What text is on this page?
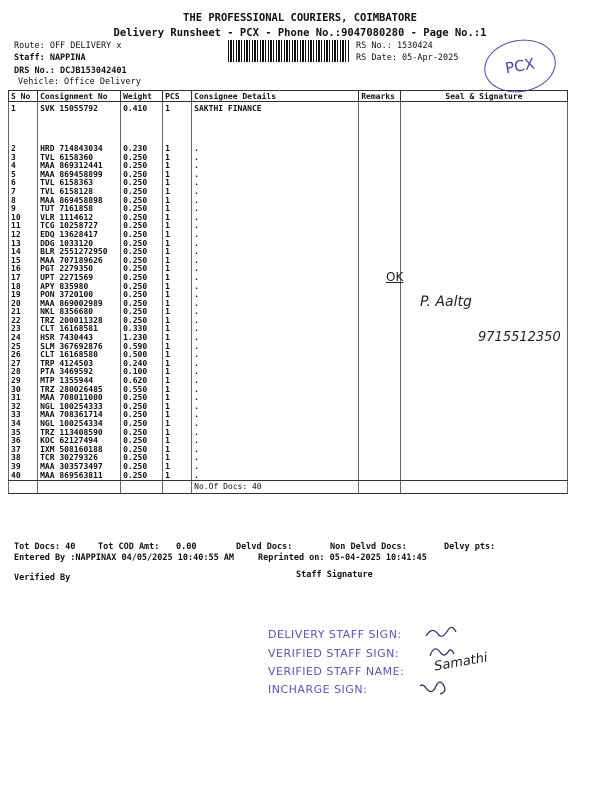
THE PROFESSIONAL COURIERS, COIMBATORE
Delivery Runsheet - PCX - Phone No.:9047080280 - Page No.:1
Route: OFF DELIVERY x
Staff: NAPPINA
DRS No.: DCJB153042401
Vehicle: Office Delivery
RS No.: 1530424
RS Date: 05-Apr-2025	PCX
S No	Consignment No	Weight	PCS	Consignee Details	Remarks	Seal & Signature
1	SVK 15055792	0.410	1	SAKTHI FINANCE		
2	HRD 714843034	0.230	1	.		
3	TVL 6158360	0.250	1	.		
4	MAA 869312441	0.250	1	.		
5	MAA 869458899	0.250	1	.		
6	TVL 6158363	0.250	1	.		
7	TVL 6158128	0.250	1	.		
8	MAA 869458898	0.250	1	.		
9	TUT 7161858	0.250	1	.		
10	VLR 1114612	0.250	1	.		
11	TCG 10258727	0.250	1	.		
12	EDQ 13628417	0.250	1	.		
13	DDG 1033120	0.250	1	.		
14	BLR 2551272950	0.250	1	.		
15	MAA 707189626	0.250	1	.		
16	PGT 2279350	0.250	1	.		
17	UPT 2271569	0.250	1	.		
18	APY 835980	0.250	1	.		
19	PON 3720100	0.250	1	.		
20	MAA 869002989	0.250	1	.		
21	NKL 8356680	0.250	1	.		
22	TRZ 200011328	0.250	1	.		
23	CLT 16168581	0.330	1	.		
24	HSR 7430443	1.230	1	.		
25	SLM 367692876	0.590	1	.		
26	CLT 16168580	0.500	1	.		
27	TRP 4124503	0.240	1	.		
28	PTA 3469592	0.100	1	.		
29	MTP 1355944	0.620	1	.		
30	TRZ 280026485	0.550	1	.		
31	MAA 708011000	0.250	1	.		
32	NGL 100254333	0.250	1	.		
33	MAA 708361714	0.250	1	.		
34	NGL 100254334	0.250	1	.		
35	TRZ 113408590	0.250	1	.		
36	KOC 62127494	0.250	1	.		
37	IXM 508160188	0.250	1	.		
38	TCR 30279326	0.250	1	.		
39	MAA 303573497	0.250	1	.		
40	MAA 869563811	0.250	1	.		
				No.Of Docs: 40		
Tot Docs: 40	Tot COD Amt: 0.00	Delvd Docs:	Non Delvd Docs:	Delvy pts:
Entered By :NAPPINAX 04/05/2025 10:40:55 AM	Reprinted on: 05-04-2025 10:41:45
Verified By	Staff Signature
OK
P. Aaltg
9715512350
DELIVERY STAFF SIGN:
VERIFIED STAFF SIGN:
VERIFIED STAFF NAME:
INCHARGE SIGN:
Samathi
